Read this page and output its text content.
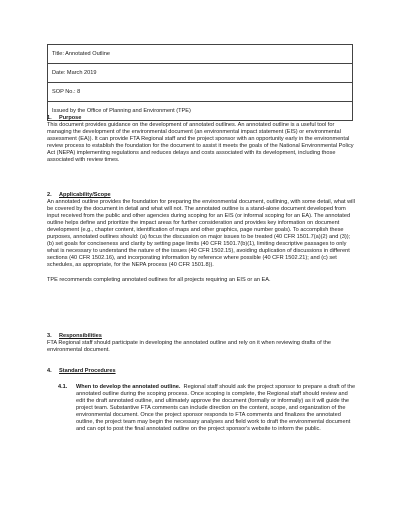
Title: Annotated Outline
Date: March 2019
SOP No.: 8
Issued by the Office of Planning and Environment (TPE)
1.	Purpose

This document provides guidance on the development of annotated outlines. An annotated outline is a useful tool for managing the development of the environmental document (an environmental impact statement (EIS) or environmental assessment (EA)). It can provide FTA Regional staff and the project sponsor with an opportunity early in the environmental review process to establish the foundation for the document to assist it meets the goals of the National Environmental Policy Act (NEPA) implementing regulations and reduces delays and costs associated with its development, including those associated with review times.

2.	Applicability/Scope

An annotated outline provides the foundation for preparing the environmental document, outlining, with some detail, what will be covered by the document in detail and what will not. The annotated outline is a stand-alone document developed from input received from the public and other agencies during scoping for an EIS (or informal scoping for an EA). The annotated outline helps define and prioritize the impact areas for further consideration and provides key information on document development (e.g., chapter content, identification of maps and other graphics, page number goals). To accomplish these purposes, annotated outlines should: (a) focus the discussion on major issues to be treated (40 CFR 1501.7(a)(2) and (3)); (b) set goals for conciseness and clarity by setting page limits (40 CFR 1501.7(b)(1), limiting descriptive passages to only what is necessary to understand the nature of the issues (40 CFR 1502.15), avoiding duplication of discussions in different sections (40 CFR 1502.16), and incorporating information by reference where possible (40 CFR 1502.21); and (c) set schedules, as appropriate, for the NEPA process (40 CFR 1501.8)).

TPE recommends completing annotated outlines for all projects requiring an EIS or an EA.

3.	Responsibilities

FTA Regional staff should participate in developing the annotated outline and rely on it when reviewing drafts of the environmental document.

4.	Standard Procedures
4.1.	When to develop the annotated outline. Regional staff should ask the project sponsor to prepare a draft of the annotated outline during the scoping process. Once scoping is complete, the Regional staff should review and edit the draft annotated outline, and ultimately approve the document (formally or informally) as it will guide the project team. Substantive FTA comments can include direction on the content, scope, and organization of the environmental document. Once the project sponsor responds to FTA comments and finalizes the annotated outline, the project team may begin the necessary analyses and field work to draft the environmental document and can opt to post the final annotated outline on the project sponsor's website to inform the public.
